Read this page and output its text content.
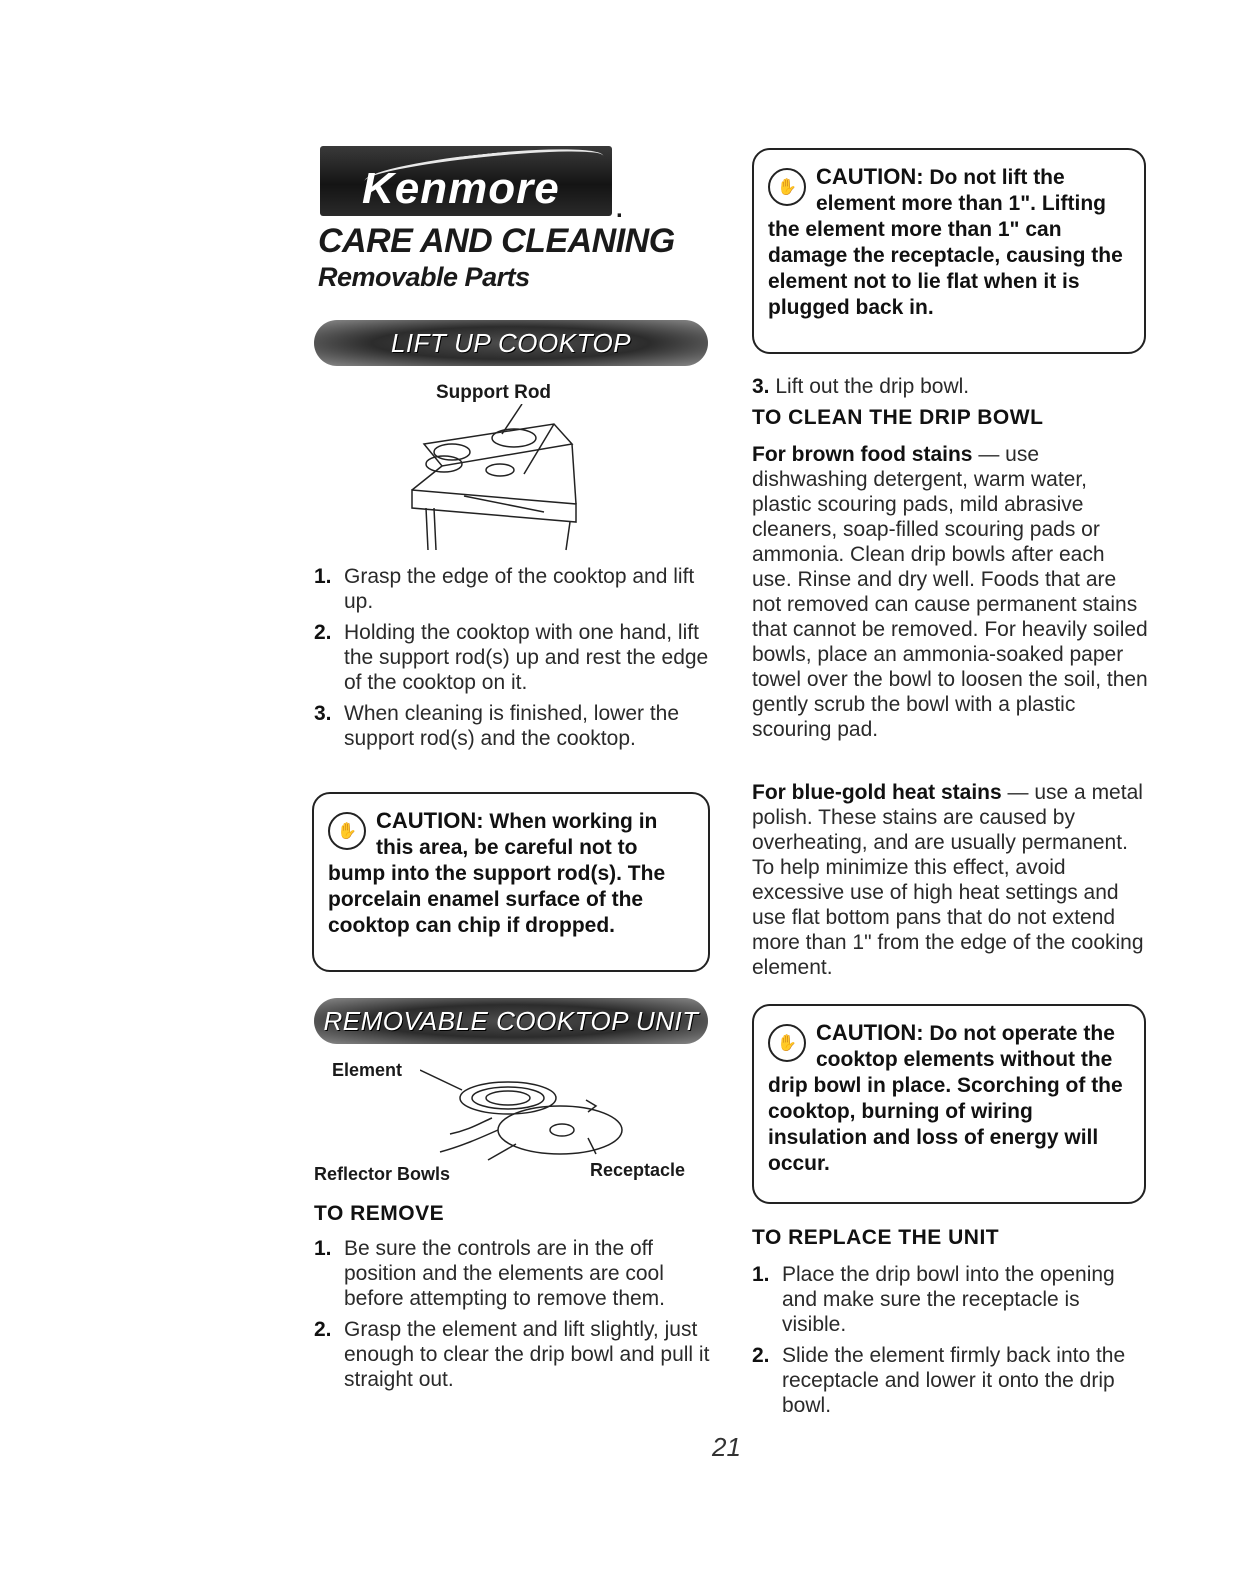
Kenmore .
CARE AND CLEANING
Removable Parts
LIFT UP COOKTOP
Support Rod
1. Grasp the edge of the cooktop and lift up.
2. Holding the cooktop with one hand, lift the support rod(s) up and rest the edge of the cooktop on it.
3. When cleaning is finished, lower the support rod(s) and the cooktop.
✋ CAUTION: When working in this area, be careful not to bump into the support rod(s). The porcelain enamel surface of the cooktop can chip if dropped.

REMOVABLE COOKTOP UNIT
Element
Reflector Bowls	Receptacle
TO REMOVE
1. Be sure the controls are in the off position and the elements are cool before attempting to remove them.
2. Grasp the element and lift slightly, just enough to clear the drip bowl and pull it straight out.
✋ CAUTION: Do not lift the element more than 1". Lifting the element more than 1" can damage the receptacle, causing the element not to lie flat when it is plugged back in.

3. Lift out the drip bowl.
TO CLEAN THE DRIP BOWL

For brown food stains — use dishwashing detergent, warm water, plastic scouring pads, mild abrasive cleaners, soap-filled scouring pads or ammonia. Clean drip bowls after each use. Rinse and dry well. Foods that are not removed can cause permanent stains that cannot be removed. For heavily soiled bowls, place an ammonia-soaked paper towel over the bowl to loosen the soil, then gently scrub the bowl with a plastic scouring pad.

For blue-gold heat stains — use a metal polish. These stains are caused by overheating, and are usually permanent. To help minimize this effect, avoid excessive use of high heat settings and use flat bottom pans that do not extend more than 1" from the edge of the cooking element.

✋ CAUTION: Do not operate the cooktop elements without the drip bowl in place. Scorching of the cooktop, burning of wiring insulation and loss of energy will occur.

TO REPLACE THE UNIT
1. Place the drip bowl into the opening and make sure the receptacle is visible.
2. Slide the element firmly back into the receptacle and lower it onto the drip bowl.
21
